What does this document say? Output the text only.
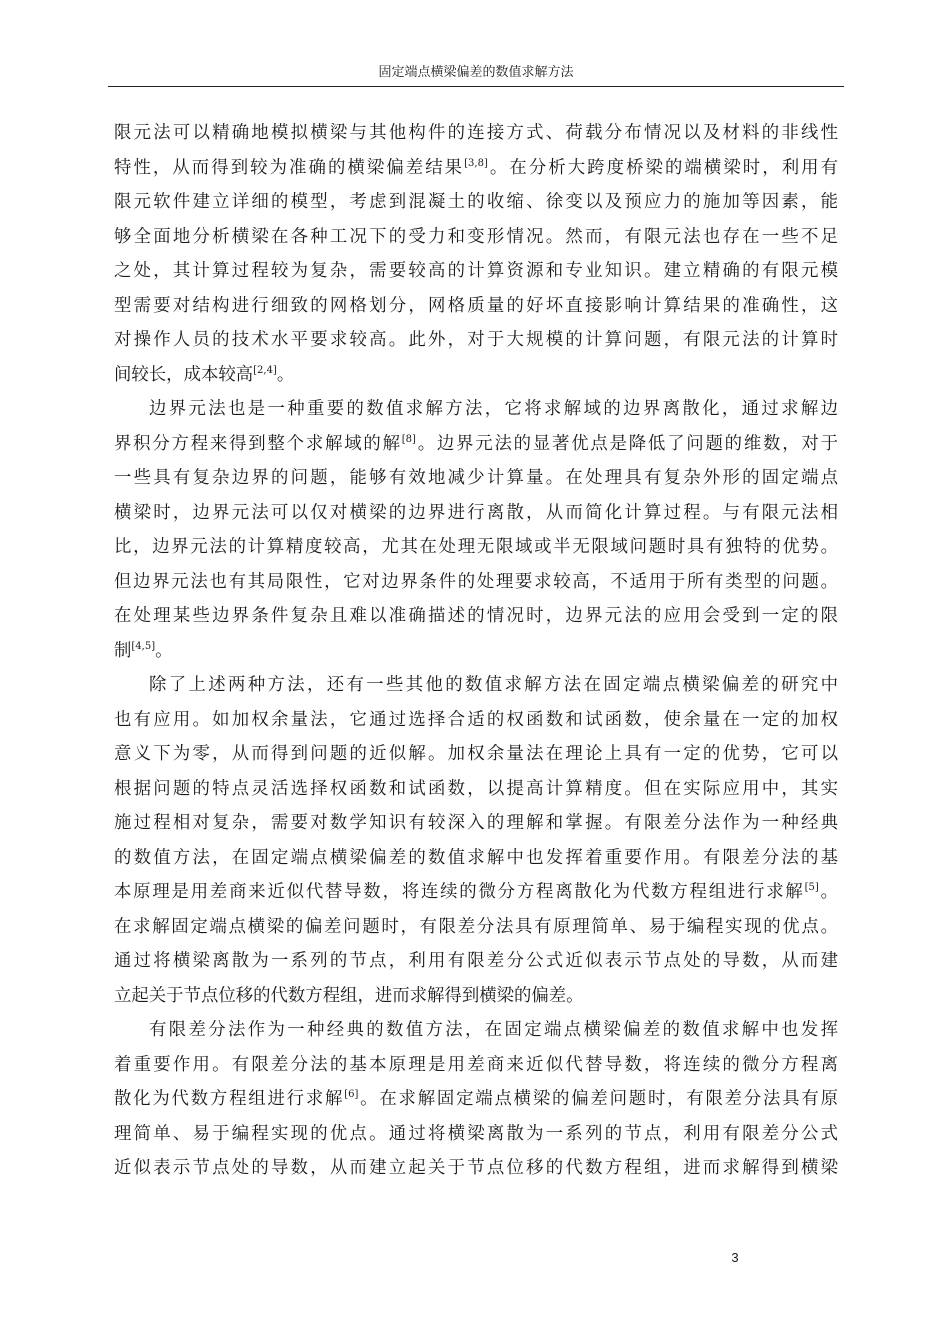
固定端点横梁偏差的数值求解方法
限元法可以精确地模拟横梁与其他构件的连接方式、荷载分布情况以及材料的非线性
特性，从而得到较为准确的横梁偏差结果[3,8]。在分析大跨度桥梁的端横梁时，利用有
限元软件建立详细的模型，考虑到混凝土的收缩、徐变以及预应力的施加等因素，能
够全面地分析横梁在各种工况下的受力和变形情况。然而，有限元法也存在一些不足
之处，其计算过程较为复杂，需要较高的计算资源和专业知识。建立精确的有限元模
型需要对结构进行细致的网格划分，网格质量的好坏直接影响计算结果的准确性，这
对操作人员的技术水平要求较高。此外，对于大规模的计算问题，有限元法的计算时
间较长，成本较高[2,4]。
边界元法也是一种重要的数值求解方法，它将求解域的边界离散化，通过求解边
界积分方程来得到整个求解域的解[8]。边界元法的显著优点是降低了问题的维数，对于
一些具有复杂边界的问题，能够有效地减少计算量。在处理具有复杂外形的固定端点
横梁时，边界元法可以仅对横梁的边界进行离散，从而简化计算过程。与有限元法相
比，边界元法的计算精度较高，尤其在处理无限域或半无限域问题时具有独特的优势。
但边界元法也有其局限性，它对边界条件的处理要求较高，不适用于所有类型的问题。
在处理某些边界条件复杂且难以准确描述的情况时，边界元法的应用会受到一定的限
制[4,5]。
除了上述两种方法，还有一些其他的数值求解方法在固定端点横梁偏差的研究中
也有应用。如加权余量法，它通过选择合适的权函数和试函数，使余量在一定的加权
意义下为零，从而得到问题的近似解。加权余量法在理论上具有一定的优势，它可以
根据问题的特点灵活选择权函数和试函数，以提高计算精度。但在实际应用中，其实
施过程相对复杂，需要对数学知识有较深入的理解和掌握。有限差分法作为一种经典
的数值方法，在固定端点横梁偏差的数值求解中也发挥着重要作用。有限差分法的基
本原理是用差商来近似代替导数，将连续的微分方程离散化为代数方程组进行求解[5]。
在求解固定端点横梁的偏差问题时，有限差分法具有原理简单、易于编程实现的优点。
通过将横梁离散为一系列的节点，利用有限差分公式近似表示节点处的导数，从而建
立起关于节点位移的代数方程组，进而求解得到横梁的偏差。
有限差分法作为一种经典的数值方法，在固定端点横梁偏差的数值求解中也发挥
着重要作用。有限差分法的基本原理是用差商来近似代替导数，将连续的微分方程离
散化为代数方程组进行求解[6]。在求解固定端点横梁的偏差问题时，有限差分法具有原
理简单、易于编程实现的优点。通过将横梁离散为一系列的节点，利用有限差分公式
近似表示节点处的导数，从而建立起关于节点位移的代数方程组，进而求解得到横梁
3
